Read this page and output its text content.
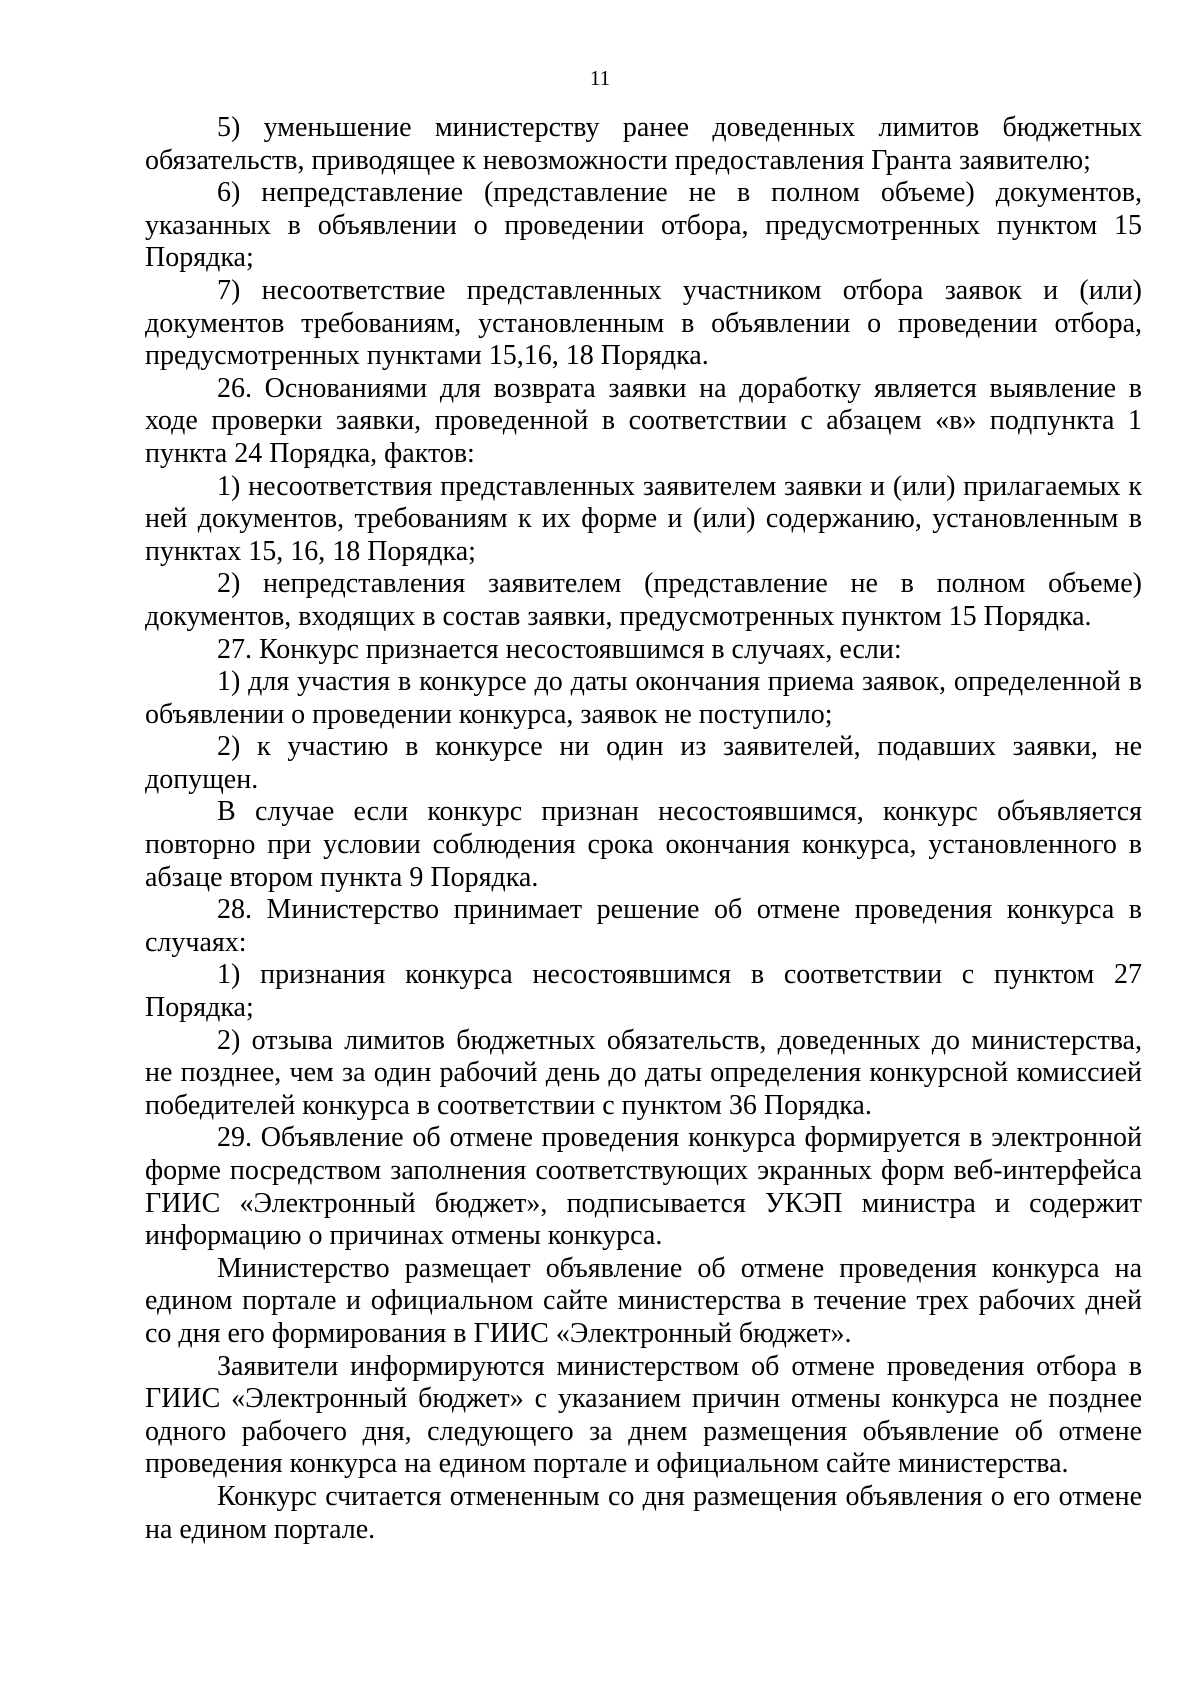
11

5) уменьшение министерству ранее доведенных лимитов бюджетных обязательств, приводящее к невозможности предоставления Гранта заявителю;

6) непредставление (представление не в полном объеме) документов, указанных в объявлении о проведении отбора, предусмотренных пунктом 15 Порядка;

7) несоответствие представленных участником отбора заявок и (или) документов требованиям, установленным в объявлении о проведении отбора, предусмотренных пунктами 15,16, 18 Порядка.

26. Основаниями для возврата заявки на доработку является выявление в ходе проверки заявки, проведенной в соответствии с абзацем «в» подпункта 1 пункта 24 Порядка, фактов:

1) несоответствия представленных заявителем заявки и (или) прилагаемых к ней документов, требованиям к их форме и (или) содержанию, установленным в пунктах 15, 16, 18 Порядка;

2) непредставления заявителем (представление не в полном объеме) документов, входящих в состав заявки, предусмотренных пунктом 15 Порядка.

27. Конкурс признается несостоявшимся в случаях, если:

1) для участия в конкурсе до даты окончания приема заявок, определенной в объявлении о проведении конкурса, заявок не поступило;

2) к участию в конкурсе ни один из заявителей, подавших заявки, не допущен.

В случае если конкурс признан несостоявшимся, конкурс объявляется повторно при условии соблюдения срока окончания конкурса, установленного в абзаце втором пункта 9 Порядка.

28. Министерство принимает решение об отмене проведения конкурса в случаях:

1) признания конкурса несостоявшимся в соответствии с пунктом 27 Порядка;

2) отзыва лимитов бюджетных обязательств, доведенных до министерства, не позднее, чем за один рабочий день до даты определения конкурсной комиссией победителей конкурса в соответствии с пунктом 36 Порядка.

29. Объявление об отмене проведения конкурса формируется в электронной форме посредством заполнения соответствующих экранных форм веб-интерфейса ГИИС «Электронный бюджет», подписывается УКЭП министра и содержит информацию о причинах отмены конкурса.

Министерство размещает объявление об отмене проведения конкурса на едином портале и официальном сайте министерства в течение трех рабочих дней со дня его формирования в ГИИС «Электронный бюджет».

Заявители информируются министерством об отмене проведения отбора в ГИИС «Электронный бюджет» с указанием причин отмены конкурса не позднее одного рабочего дня, следующего за днем размещения объявление об отмене проведения конкурса на едином портале и официальном сайте министерства.

Конкурс считается отмененным со дня размещения объявления о его отмене на едином портале.
